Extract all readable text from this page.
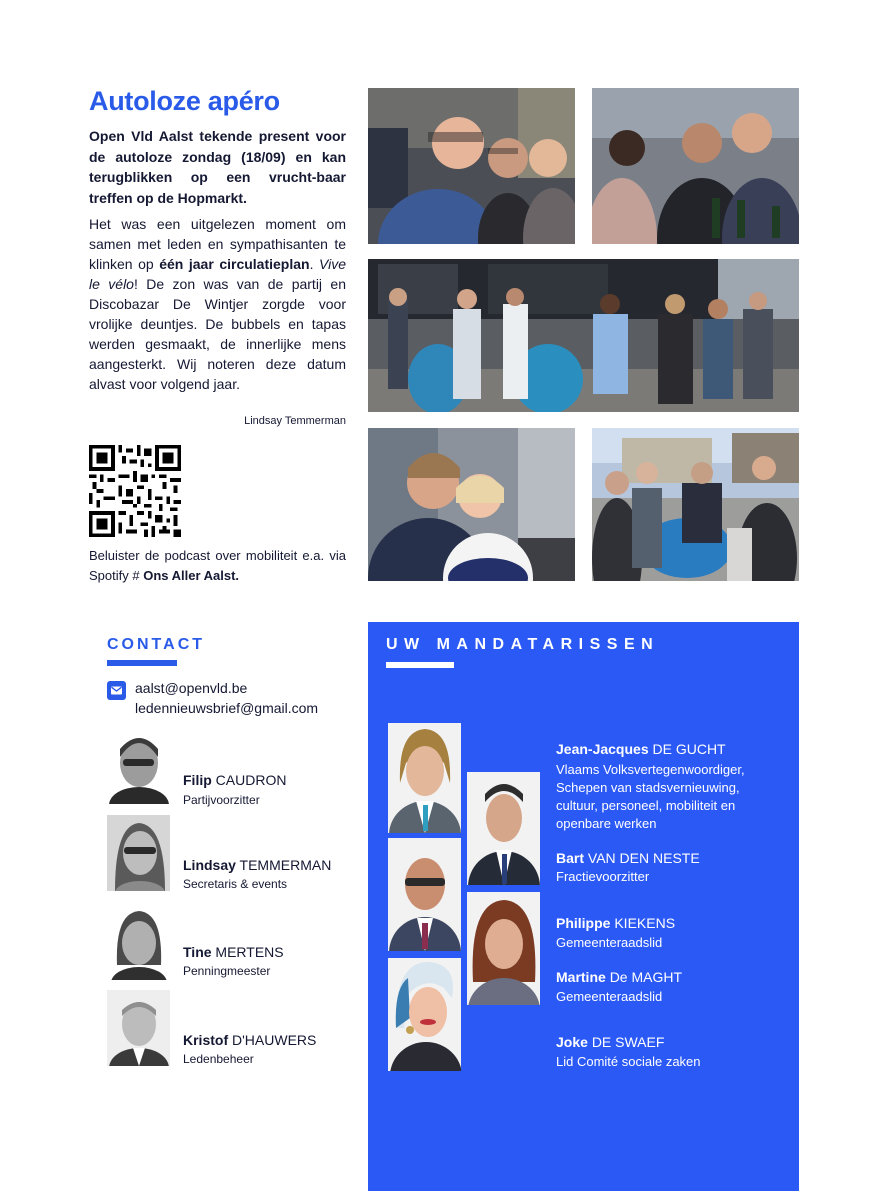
Autoloze apéro

Open Vld Aalst tekende present voor de autoloze zondag (18/09) en kan terugblikken op een vrucht-baar treffen op de Hopmarkt.

Het was een uitgelezen moment om samen met leden en sympathisanten te klinken op één jaar circulatieplan. Vive le vélo! De zon was van de partij en Discobazar De Wintjer zorgde voor vrolijke deuntjes. De bubbels en tapas werden gesmaakt, de innerlijke mens aangesterkt. Wij noteren deze datum alvast voor volgend jaar.

Lindsay Temmerman

Beluister de podcast over mobiliteit e.a. via Spotify # Ons Aller Aalst.

CONTACT
aalst@openvld.be
ledennieuwsbrief@gmail.com
Filip CAUDRON
Partijvoorzitter
Lindsay TEMMERMAN
Secretaris & events
Tine MERTENS
Penningmeester
Kristof D'HAUWERS
Ledenbeheer
UW MANDATARISSEN
Jean-Jacques DE GUCHT
Vlaams Volksvertegenwoordiger, Schepen van stadsvernieuwing, cultuur, personeel, mobiliteit en openbare werken
Bart VAN DEN NESTE
Fractievoorzitter
Philippe KIEKENS
Gemeenteraadslid
Martine De MAGHT
Gemeenteraadslid
Joke DE SWAEF
Lid Comité sociale zaken
